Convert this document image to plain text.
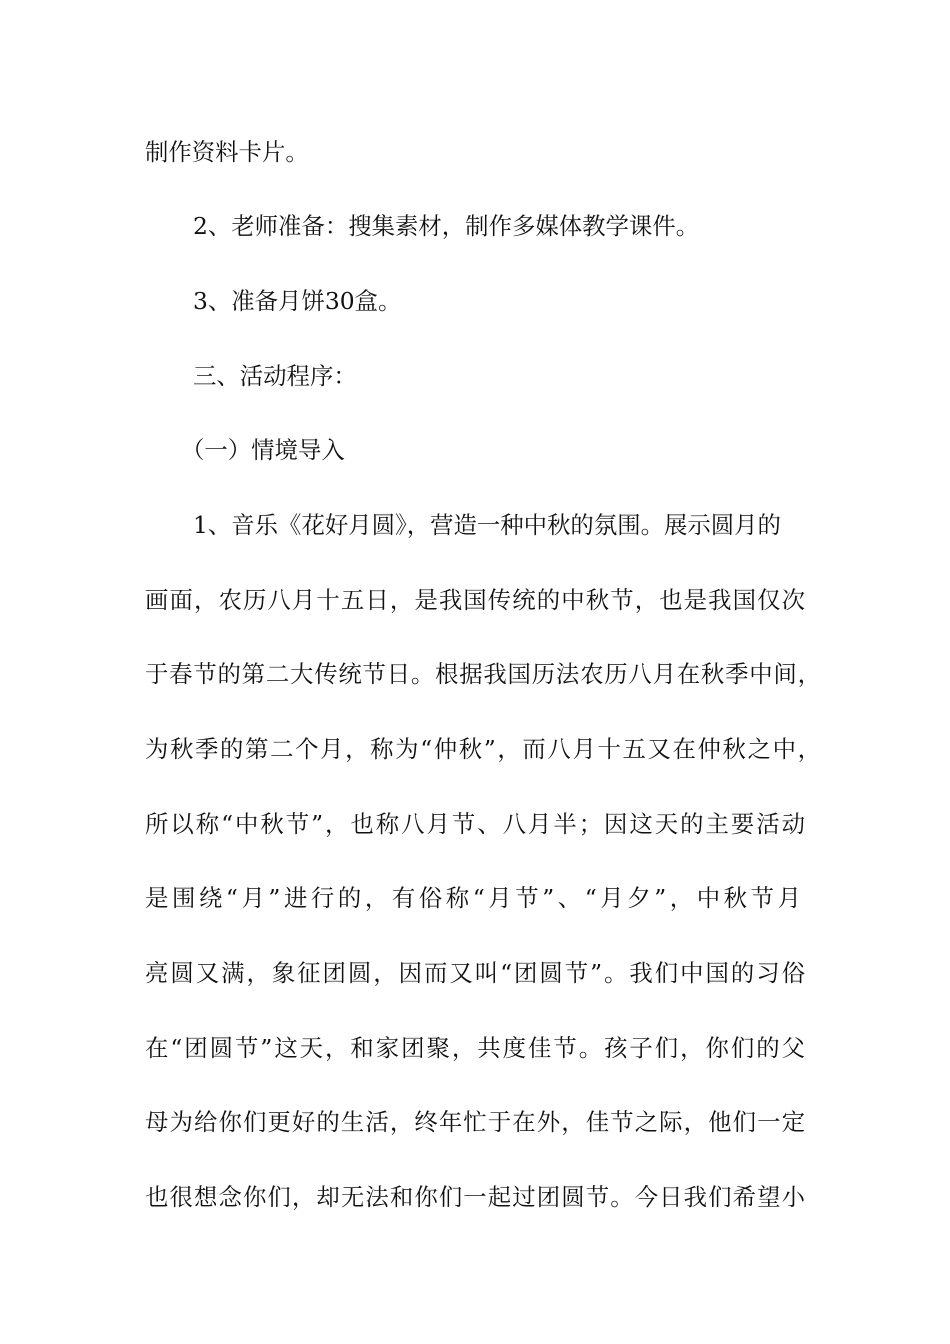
制作资料卡片。
2、老师准备：搜集素材，制作多媒体教学课件。
3、准备月饼30盒。
三、活动程序：
（一）情境导入
1、音乐《花好月圆》，营造一种中秋的氛围。展示圆月的
画面，农历八月十五日，是我国传统的中秋节，也是我国仅次
于春节的第二大传统节日。根据我国历法农历八月在秋季中间，
为秋季的第二个月，称为“仲秋”，而八月十五又在仲秋之中，
所以称“中秋节”，也称八月节、八月半；因这天的主要活动
是围绕“月”进行的，有俗称“月节”、“月夕”，中秋节月
亮圆又满，象征团圆，因而又叫“团圆节”。我们中国的习俗
在“团圆节”这天，和家团聚，共度佳节。孩子们，你们的父
母为给你们更好的生活，终年忙于在外，佳节之际，他们一定
也很想念你们，却无法和你们一起过团圆节。今日我们希望小
